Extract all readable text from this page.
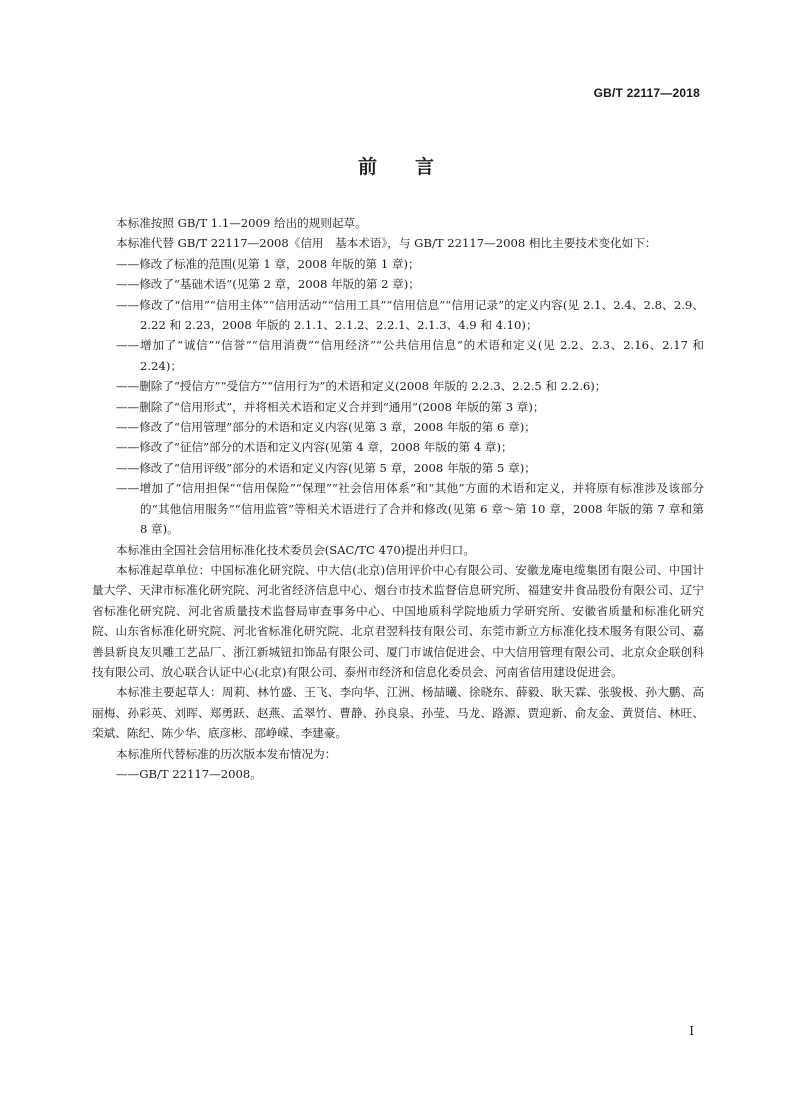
GB/T 22117—2018
前言

本标准按照 GB/T 1.1—2009 给出的规则起草。

本标准代替 GB/T 22117—2008《信用　基本术语》，与 GB/T 22117—2008 相比主要技术变化如下：

——修改了标准的范围(见第 1 章，2008 年版的第 1 章)；

——修改了“基础术语”(见第 2 章，2008 年版的第 2 章)；

——修改了“信用”“信用主体”“信用活动”“信用工具”“信用信息”“信用记录”的定义内容(见 2.1、2.4、2.8、2.9、2.22 和 2.23，2008 年版的 2.1.1、2.1.2、2.2.1、2.1.3、4.9 和 4.10)；

——增加了“诚信”“信誉”“信用消费”“信用经济”“公共信用信息”的术语和定义(见 2.2、2.3、2.16、2.17 和 2.24)；

——删除了“授信方”“受信方”“信用行为”的术语和定义(2008 年版的 2.2.3、2.2.5 和 2.2.6)；

——删除了“信用形式”，并将相关术语和定义合并到“通用”(2008 年版的第 3 章)；

——修改了“信用管理”部分的术语和定义内容(见第 3 章，2008 年版的第 6 章)；

——修改了“征信”部分的术语和定义内容(见第 4 章，2008 年版的第 4 章)；

——修改了“信用评级”部分的术语和定义内容(见第 5 章，2008 年版的第 5 章)；

——增加了“信用担保”“信用保险”“保理”“社会信用体系”和“其他”方面的术语和定义，并将原有标准涉及该部分的“其他信用服务”“信用监管”等相关术语进行了合并和修改(见第 6 章～第 10 章，2008 年版的第 7 章和第 8 章)。

本标准由全国社会信用标准化技术委员会(SAC/TC 470)提出并归口。

本标准起草单位：中国标准化研究院、中大信(北京)信用评价中心有限公司、安徽龙庵电缆集团有限公司、中国计量大学、天津市标准化研究院、河北省经济信息中心、烟台市技术监督信息研究所、福建安井食品股份有限公司、辽宁省标准化研究院、河北省质量技术监督局审查事务中心、中国地质科学院地质力学研究所、安徽省质量和标准化研究院、山东省标准化研究院、河北省标准化研究院、北京君翌科技有限公司、东莞市新立方标准化技术服务有限公司、嘉善县新良友贝雕工艺品厂、浙江新城钮扣饰品有限公司、厦门市诚信促进会、中大信用管理有限公司、北京众企联创科技有限公司、放心联合认证中心(北京)有限公司、泰州市经济和信息化委员会、河南省信用建设促进会。

本标准主要起草人：周莉、林竹盛、王飞、李向华、江洲、杨喆曦、徐晓东、薛毅、耿天霖、张骏极、孙大鹏、高丽梅、孙彩英、刘晖、郑勇跃、赵燕、孟翠竹、曹静、孙良泉、孙莹、马龙、路源、贾迎新、俞友金、黄贤信、林旺、栾斌、陈纪、陈少华、底彦彬、邵峥嵘、李建豪。

本标准所代替标准的历次版本发布情况为：

——GB/T 22117—2008。

I
